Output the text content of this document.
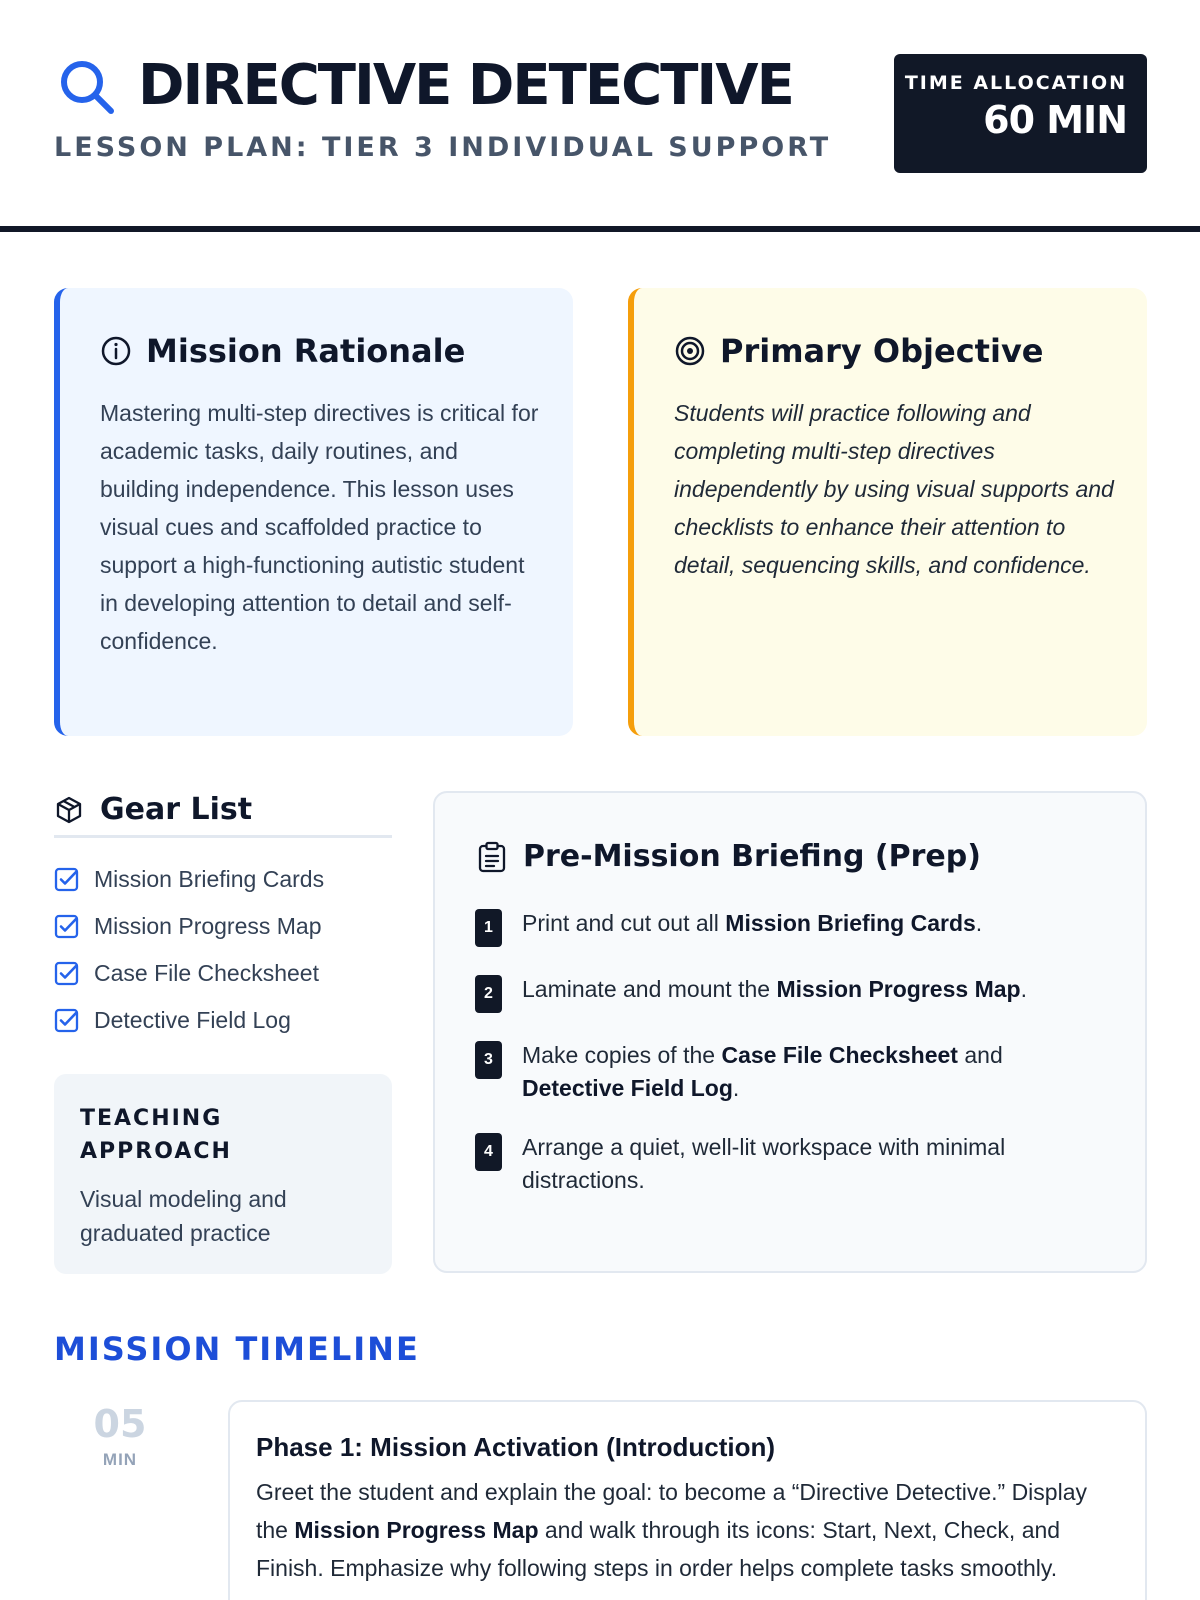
DIRECTIVE DETECTIVE
LESSON PLAN: TIER 3 INDIVIDUAL SUPPORT
TIME ALLOCATION
60 MIN
Mission Rationale

Mastering multi-step directives is critical for academic tasks, daily routines, and building independence. This lesson uses visual cues and scaffolded practice to support a high-functioning autistic student in developing attention to detail and self-confidence.

Primary Objective

Students will practice following and completing multi-step directives independently by using visual supports and checklists to enhance their attention to detail, sequencing skills, and confidence.

Gear List
Mission Briefing Cards
Mission Progress Map
Case File Checksheet
Detective Field Log
TEACHING APPROACH

Visual modeling and graduated practice

Pre-Mission Briefing (Prep)
1	Print and cut out all Mission Briefing Cards.
2	Laminate and mount the Mission Progress Map.
3	Make copies of the Case File Checksheet and Detective Field Log.
4	Arrange a quiet, well-lit workspace with minimal distractions.
MISSION TIMELINE
05
MIN	Phase 1: Mission Activation (Introduction)

Greet the student and explain the goal: to become a “Directive Detective.” Display the Mission Progress Map and walk through its icons: Start, Next, Check, and Finish. Emphasize why following steps in order helps complete tasks smoothly.
